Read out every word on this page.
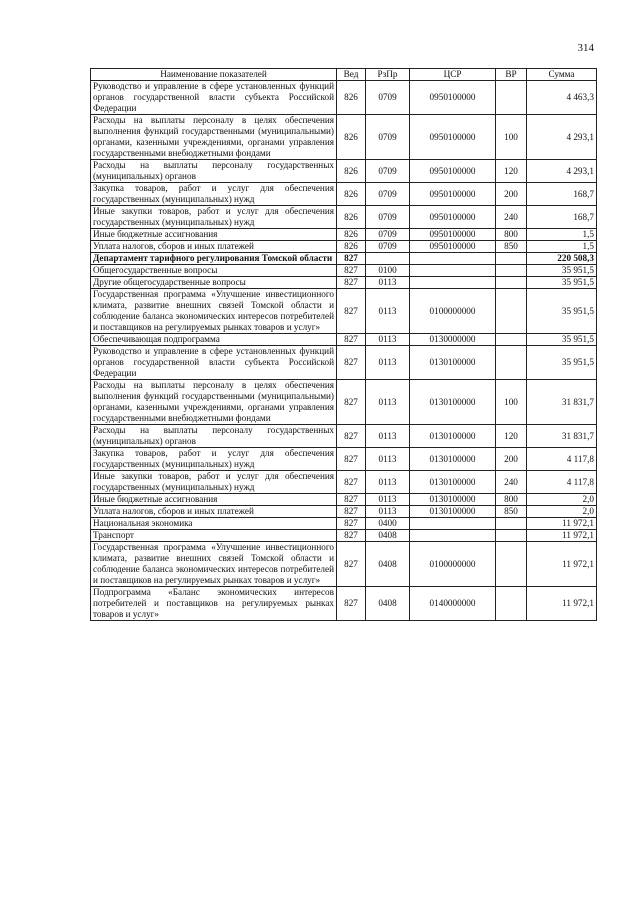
314
Наименование показателей	Вед	РзПр	ЦСР	ВР	Сумма
Руководство и управление в сфере установленных функций органов государственной власти субъекта Российской Федерации	826	0709	0950100000		4 463,3
Расходы на выплаты персоналу в целях обеспечения выполнения функций государственными (муниципальными) органами, казенными учреждениями, органами управления государственными внебюджетными фондами	826	0709	0950100000	100	4 293,1
Расходы на выплаты персоналу государственных (муниципальных) органов	826	0709	0950100000	120	4 293,1
Закупка товаров, работ и услуг для обеспечения государственных (муниципальных) нужд	826	0709	0950100000	200	168,7
Иные закупки товаров, работ и услуг для обеспечения государственных (муниципальных) нужд	826	0709	0950100000	240	168,7
Иные бюджетные ассигнования	826	0709	0950100000	800	1,5
Уплата налогов, сборов и иных платежей	826	0709	0950100000	850	1,5
Департамент тарифного регулирования Томской области	827				220 508,3
Общегосударственные вопросы	827	0100			35 951,5
Другие общегосударственные вопросы	827	0113			35 951,5
Государственная программа «Улучшение инвестиционного климата, развитие внешних связей Томской области и соблюдение баланса экономических интересов потребителей и поставщиков на регулируемых рынках товаров и услуг»	827	0113	0100000000		35 951,5
Обеспечивающая подпрограмма	827	0113	0130000000		35 951,5
Руководство и управление в сфере установленных функций органов государственной власти субъекта Российской Федерации	827	0113	0130100000		35 951,5
Расходы на выплаты персоналу в целях обеспечения выполнения функций государственными (муниципальными) органами, казенными учреждениями, органами управления государственными внебюджетными фондами	827	0113	0130100000	100	31 831,7
Расходы на выплаты персоналу государственных (муниципальных) органов	827	0113	0130100000	120	31 831,7
Закупка товаров, работ и услуг для обеспечения государственных (муниципальных) нужд	827	0113	0130100000	200	4 117,8
Иные закупки товаров, работ и услуг для обеспечения государственных (муниципальных) нужд	827	0113	0130100000	240	4 117,8
Иные бюджетные ассигнования	827	0113	0130100000	800	2,0
Уплата налогов, сборов и иных платежей	827	0113	0130100000	850	2,0
Национальная экономика	827	0400			11 972,1
Транспорт	827	0408			11 972,1
Государственная программа «Улучшение инвестиционного климата, развитие внешних связей Томской области и соблюдение баланса экономических интересов потребителей и поставщиков на регулируемых рынках товаров и услуг»	827	0408	0100000000		11 972,1
Подпрограмма «Баланс экономических интересов потребителей и поставщиков на регулируемых рынках товаров и услуг»	827	0408	0140000000		11 972,1
